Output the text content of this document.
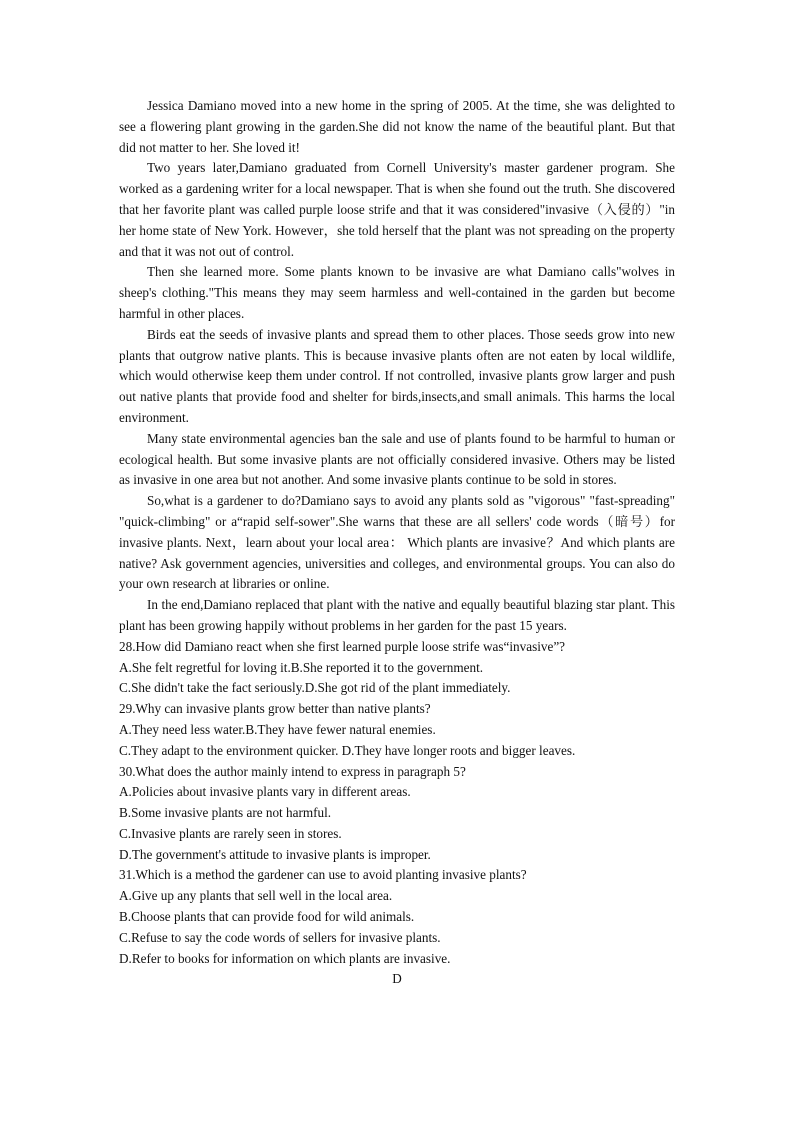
Jessica Damiano moved into a new home in the spring of 2005. At the time, she was delighted to see a flowering plant growing in the garden.She did not know the name of the beautiful plant. But that did not matter to her. She loved it!

Two years later,Damiano graduated from Cornell University's master gardener program. She worked as a gardening writer for a local newspaper. That is when she found out the truth. She discovered that her favorite plant was called purple loose strife and that it was considered"invasive（入侵的）"in her home state of New York. However，she told herself that the plant was not spreading on the property and that it was not out of control.

Then she learned more. Some plants known to be invasive are what Damiano calls"wolves in sheep's clothing."This means they may seem harmless and well-contained in the garden but become harmful in other places.

Birds eat the seeds of invasive plants and spread them to other places. Those seeds grow into new plants that outgrow native plants. This is because invasive plants often are not eaten by local wildlife, which would otherwise keep them under control. If not controlled, invasive plants grow larger and push out native plants that provide food and shelter for birds,insects,and small animals. This harms the local environment.

Many state environmental agencies ban the sale and use of plants found to be harmful to human or ecological health. But some invasive plants are not officially considered invasive. Others may be listed as invasive in one area but not another. And some invasive plants continue to be sold in stores.

So,what is a gardener to do?Damiano says to avoid any plants sold as "vigorous" "fast-spreading" "quick-climbing" or a“rapid self-sower".She warns that these are all sellers' code words（暗号）for invasive plants. Next，learn about your local area： Which plants are invasive？And which plants are native? Ask government agencies, universities and colleges, and environmental groups. You can also do your own research at libraries or online.

In the end,Damiano replaced that plant with the native and equally beautiful blazing star plant. This plant has been growing happily without problems in her garden for the past 15 years.

28.How did Damiano react when she first learned purple loose strife was“invasive”?

A.She felt regretful for loving it.B.She reported it to the government.

C.She didn't take the fact seriously.D.She got rid of the plant immediately.

29.Why can invasive plants grow better than native plants?

A.They need less water.B.They have fewer natural enemies.

C.They adapt to the environment quicker. D.They have longer roots and bigger leaves.

30.What does the author mainly intend to express in paragraph 5?

A.Policies about invasive plants vary in different areas.

B.Some invasive plants are not harmful.

C.Invasive plants are rarely seen in stores.

D.The government's attitude to invasive plants is improper.

31.Which is a method the gardener can use to avoid planting invasive plants?

A.Give up any plants that sell well in the local area.

B.Choose plants that can provide food for wild animals.

C.Refuse to say the code words of sellers for invasive plants.

D.Refer to books for information on which plants are invasive.

D
